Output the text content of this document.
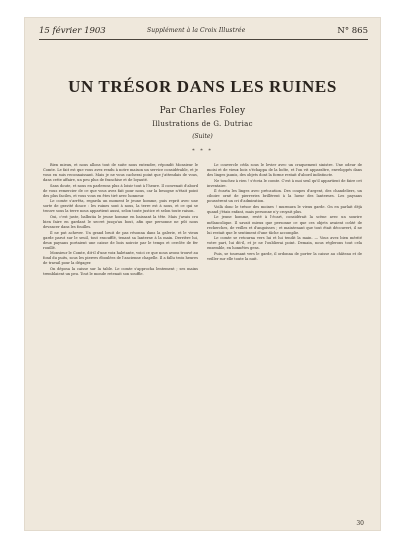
15 février 1903	Supplément à la Croix Illustrée	N° 865
UN TRÉSOR DANS LES RUINES
Par Charles Foley
Illustrations de G. Dutriac
(Suite)
* * *

Bien mieux, et nous allons tout de suite nous entendre, répondit Monsieur le Comte. Le fait est que vous avez rendu à notre maison un service considérable, et je vous en suis reconnaissant. Mais je ne vous cacherai point que j'attendais de vous, dans cette affaire, un peu plus de franchise et de loyauté.

Sans doute, et nous en parlerons plus à loisir tout à l'heure. Il convenait d'abord de vous remercier de ce que vous avez fait pour nous, car la besogne n'était point des plus faciles, et vous vous en êtes tiré avec honneur.

Le comte s'arrêta, regarda un moment le jeune homme, puis reprit avec une sorte de gravité douce : les ruines sont à nous, la terre est à nous, et ce qui se trouve sous la terre nous appartient aussi, selon toute justice et selon toute raison.

Oui, c'est juste, balbutia le jeune homme en baissant la tête. Mais j'avais cru bien faire en gardant le secret jusqu'au bout, afin que personne ne pût nous devancer dans les fouilles.

Il ne put achever. Un grand bruit de pas résonna dans la galerie, et le vieux garde parut sur le seuil, tout essoufflé, tenant sa lanterne à la main. Derrière lui, deux paysans portaient une caisse de bois noircie par le temps et cerclée de fer rouillé.

Monsieur le Comte, dit-il d'une voix haletante, voici ce que nous avons trouvé au fond du puits, sous les pierres éboulées de l'ancienne chapelle. Il a fallu trois heures de travail pour la dégager.

On déposa la caisse sur la table. Le comte s'approcha lentement ; ses mains tremblaient un peu. Tout le monde retenait son souffle.

Le couvercle céda sous le levier avec un craquement sinistre. Une odeur de moisi et de vieux bois s'échappa de la boîte, et l'on vit apparaître, enveloppés dans des linges jaunis, des objets dont la forme restait d'abord indistincte.

Ne touchez à rien ! s'écria le comte. C'est à moi seul qu'il appartient de faire cet inventaire.

Il écarta les linges avec précaution. Des coupes d'argent, des chandeliers, un ciboire orné de pierreries brillèrent à la lueur des lanternes. Les paysans poussèrent un cri d'admiration.

Voilà donc le trésor des moines ! murmura le vieux garde. On en parlait déjà quand j'étais enfant, mais personne n'y croyait plus.

Le jeune homme, resté à l'écart, considérait la scène avec un sourire mélancolique. Il savait mieux que personne ce que ces objets avaient coûté de recherches, de veilles et d'angoisses ; et maintenant que tout était découvert, il ne lui restait que le sentiment d'une tâche accomplie.

Le comte se retourna vers lui et lui tendit la main. — Vous avez bien mérité votre part, lui dit-il, et je ne l'oublierai point. Demain, nous réglerons tout cela ensemble, en honnêtes gens.

Puis, se tournant vers le garde, il ordonna de porter la caisse au château et de veiller sur elle toute la nuit.

30
